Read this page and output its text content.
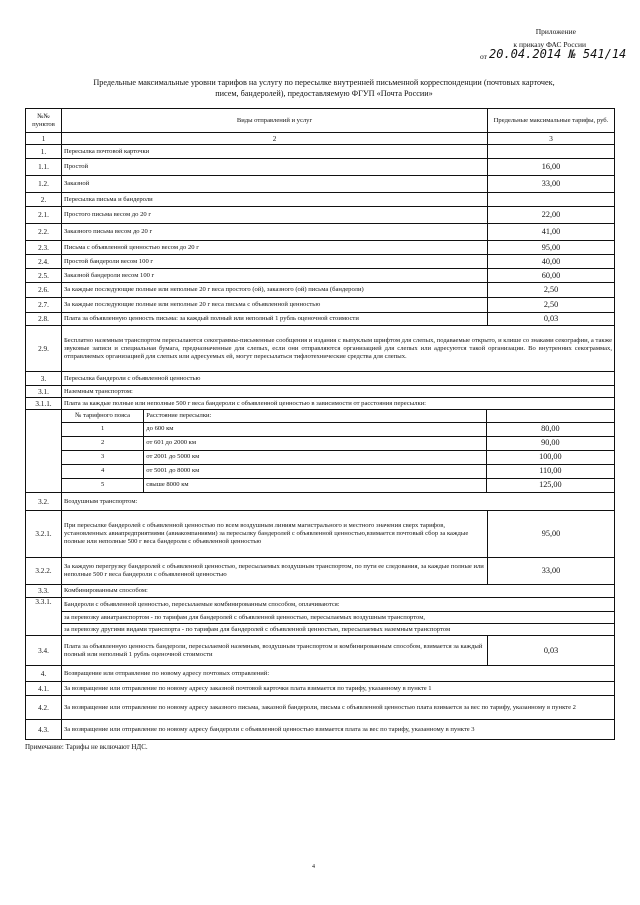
Приложение
к приказу ФАС России
от 20.04.2014 № 541/14
Предельные максимальные уровни тарифов на услугу по пересылке внутренней письменной корреспонденции (почтовых карточек,
писем, бандеролей), предоставляемую ФГУП «Почта России»
№№ пунктов	Виды отправлений и услуг	Предельные максимальные тарифы, руб.
1	2	3
1.	Пересылка почтовой карточки	
1.1.	Простой	16,00
1.2.	Заказной	33,00
2.	Пересылка письма и бандероли	
2.1.	Простого письма весом до 20 г	22,00
2.2.	Заказного письма весом до 20 г	41,00
2.3.	Письма с объявленной ценностью весом до 20 г	95,00
2.4.	Простой бандероли весом 100 г	40,00
2.5.	Заказной бандероли весом 100 г	60,00
2.6.	За каждые последующие полные или неполные 20 г веса простого (ой), заказного (ой) письма (бандероли)	2,50
2.7.	За каждые последующие полные или неполные 20 г веса письма с объявленной ценностью	2,50
2.8.	Плата за объявленную ценность письма: за каждый полный или неполный 1 рубль оценочной стоимости	0,03
2.9.	Бесплатно наземным транспортом пересылаются секограммы-письменные сообщения и издания с выпуклым шрифтом для слепых, подаваемые открыто, и клише со знаками секографии, а также звуковые записи и специальная бумага, предназначенные для слепых, если они отправляются организацией для слепых или адресуются такой организации. Во внутренних секограммах, отправляемых организацией для слепых или адресуемых ей, могут пересылаться тифлотехнические средства для слепых.
3.	Пересылка бандероли с объявленной ценностью
3.1.	Наземным транспортом:
3.1.1.	Плата за каждые полные или неполные 500 г веса бандероли с объявленной ценностью в зависимости от расстояния пересылки:

№ тарифного пояса	Расстояние пересылки:	
1	до 600 км	80,00
2	от 601 до 2000 км	90,00
3	от 2001 до 5000 км	100,00
4	от 5001 до 8000 км	110,00
5	свыше 8000 км	125,00

3.2.	Воздушным транспортом:
3.2.1.	При пересылке бандеролей с объявленной ценностью по всем воздушным линиям магистрального и местного значения сверх тарифов, установленных авиапредприятиями (авиакомпаниями) за пересылку бандеролей с объявленной ценностью,взимается почтовый сбор за каждые полные или неполные 500 г веса бандероли с объявленной ценностью	95,00
3.2.2.	За каждую перегрузку бандеролей с объявленной ценностью, пересылаемых воздушным транспортом, по пути ее следования, за каждые полные или неполные 500 г веса бандероли с объявленной ценностью	33,00
3.3.	Комбинированным способом:
3.3.1.	Бандероли с объявленной ценностью, пересылаемые комбинированным способом, оплачиваются:
за перевозку авиатранспортом - по тарифам для бандеролей с объявленной ценностью, пересылаемых воздушным транспортом,
за перевозку другими видами транспорта - по тарифам для бандеролей с объявленной ценностью, пересылаемых наземным транспортом
3.4.	Плата за объявленную ценность бандероли, пересылаемой наземным, воздушным транспортом и комбинированным способом, взимается за каждый полный или неполный 1 рубль оценочной стоимости	0,03
4.	Возвращение или отправление по новому адресу почтовых отправлений:
4.1.	За возвращение или отправление по новому адресу заказной почтовой карточки плата взимается по тарифу, указанному в пункте 1
4.2.	За возвращение или отправление по новому адресу заказного письма, заказной бандероли, письма с объявленной ценностью плата взимается за вес по тарифу, указанному в пункте 2
4.3.	За возвращение или отправление по новому адресу бандероли с объявленной ценностью взимается плата за вес по тарифу, указанному в пункте 3
Примечание: Тарифы не включают НДС.
4
